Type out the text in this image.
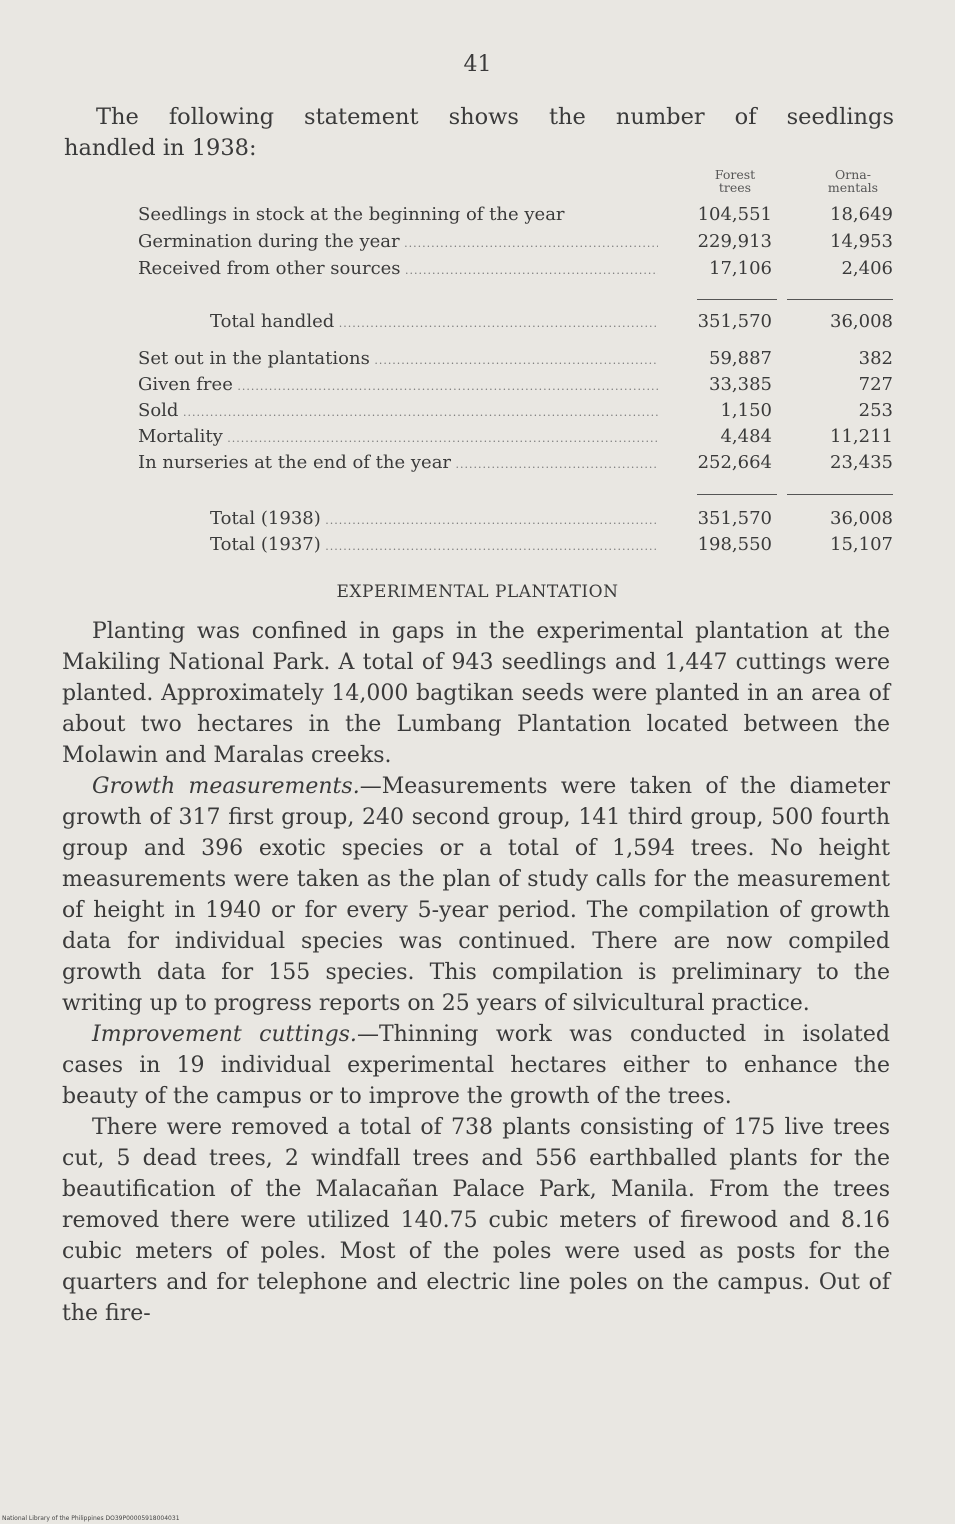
41
The following statement shows the number of seedlings
handled in 1938:
Forest
trees
Orna-
mentals
Seedlings in stock at the beginning of the year	104,551	18,649
Germination during the year .....	229,913	14,953
Received from other sources .....	17,106	2,406
Total handled .....	351,570	36,008
Set out in the plantations .....	59,887	382
Given free .....	33,385	727
Sold .....	1,150	253
Mortality .....	4,484	11,211
In nurseries at the end of the year .....	252,664	23,435
Total (1938) .....	351,570	36,008
Total (1937) .....	198,550	15,107
EXPERIMENTAL PLANTATION

Planting was confined in gaps in the experimental plantation at the Makiling National Park. A total of 943 seedlings and 1,447 cuttings were planted. Approximately 14,000 bagtikan seeds were planted in an area of about two hectares in the Lumbang Plantation located between the Molawin and Maralas creeks.

Growth measurements.—Measurements were taken of the diameter growth of 317 first group, 240 second group, 141 third group, 500 fourth group and 396 exotic species or a total of 1,594 trees. No height measurements were taken as the plan of study calls for the measurement of height in 1940 or for every 5-year period. The compilation of growth data for individual species was continued. There are now compiled growth data for 155 species. This compilation is preliminary to the writing up to progress reports on 25 years of silvicultural practice.

Improvement cuttings.—Thinning work was conducted in isolated cases in 19 individual experimental hectares either to enhance the beauty of the campus or to improve the growth of the trees.

There were removed a total of 738 plants consisting of 175 live trees cut, 5 dead trees, 2 windfall trees and 556 earthballed plants for the beautification of the Malacañan Palace Park, Manila. From the trees removed there were utilized 140.75 cubic meters of firewood and 8.16 cubic meters of poles. Most of the poles were used as posts for the quarters and for telephone and electric line poles on the campus. Out of the fire-

National Library of the Philippines DO39P00005918004031
